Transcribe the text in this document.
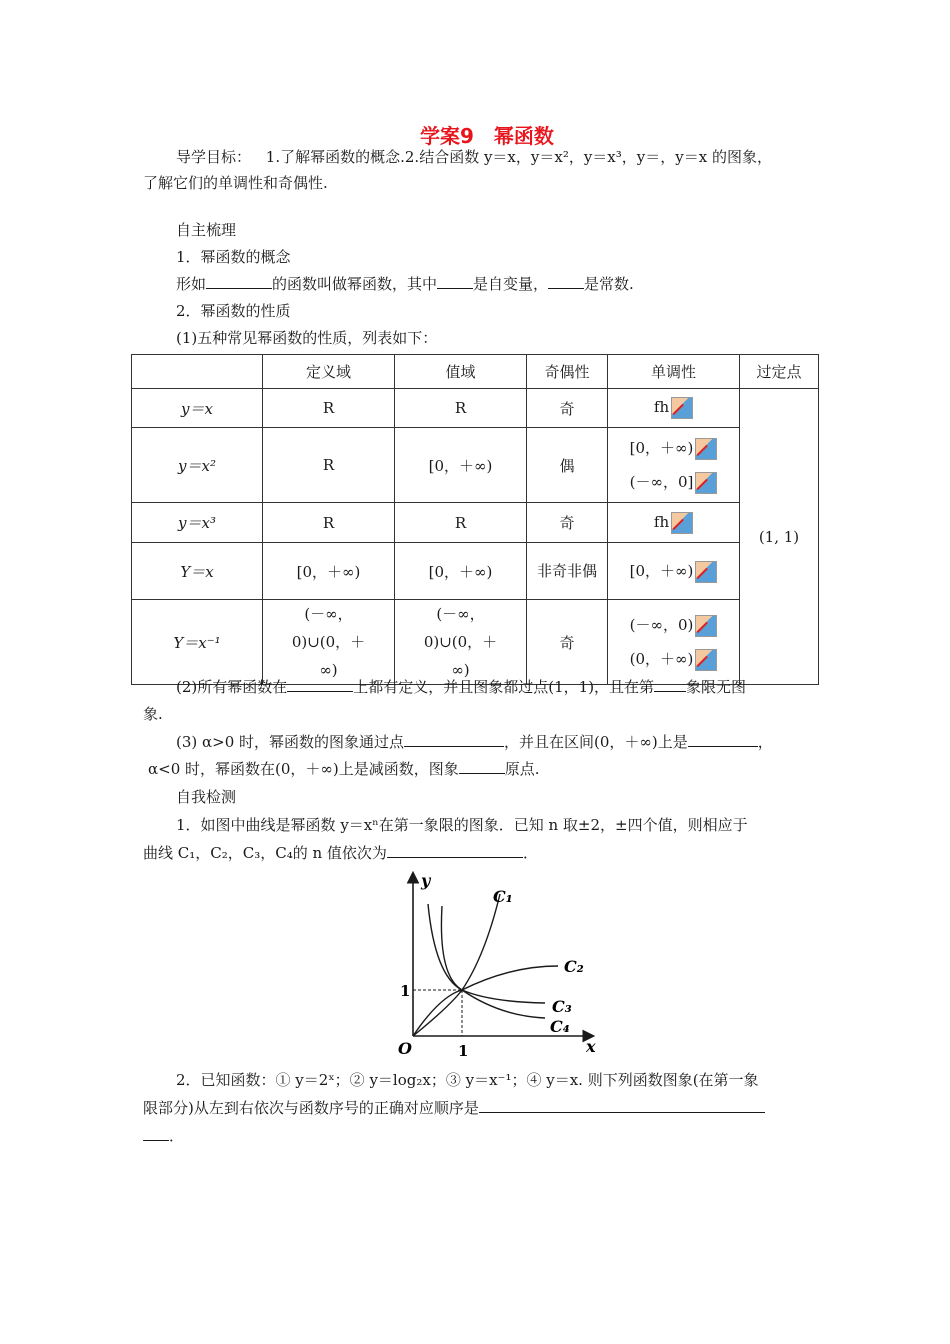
学案9　幂函数
导学目标： 1.了解幂函数的概念.2.结合函数 y＝x，y＝x²，y＝x³，y＝，y＝x 的图象，
了解它们的单调性和奇偶性.
自主梳理
1．幂函数的概念
形如	的函数叫做幂函数，其中 是自变量， 是常数.
2．幂函数的性质
(1)五种常见幂函数的性质，列表如下：
	定义域	值域	奇偶性	单调性	过定点
y＝x	R	R	奇	fh	(1, 1)
y＝x²	R	[0，＋∞)	偶	[0，＋∞)
(－∞，0]	

y＝x³	R	R	奇	fh	
Y＝x	[0，＋∞)	[0，＋∞)	非奇非偶	[0，＋∞)	
Y＝x⁻¹	(－∞，0)∪(0，＋∞)	(－∞，0)∪(0，＋∞)	奇	(－∞，0)
(0，＋∞)	
(2)所有幂函数在	上都有定义，并且图象都过点(1，1)，且在第 象限无图
象.
(3) α>0 时，幂函数的图象通过点	，并且在区间(0，＋∞)上是	，
α<0 时，幂函数在(0，＋∞)上是减函数，图象	原点.
自我检测
1．如图中曲线是幂函数 y＝xⁿ在第一象限的图象．已知 n 取±2，±四个值，则相应于
曲线 C₁，C₂，C₃，C₄的 n 值依次为	．
y
x
O	1
1
C₁
C₂
C₃
C₄
2．已知函数：① y＝2ˣ；② y＝log₂x；③ y＝x⁻¹；④ y＝x. 则下列函数图象(在第一象
限部分)从左到右依次与函数序号的正确对应顺序是
．
